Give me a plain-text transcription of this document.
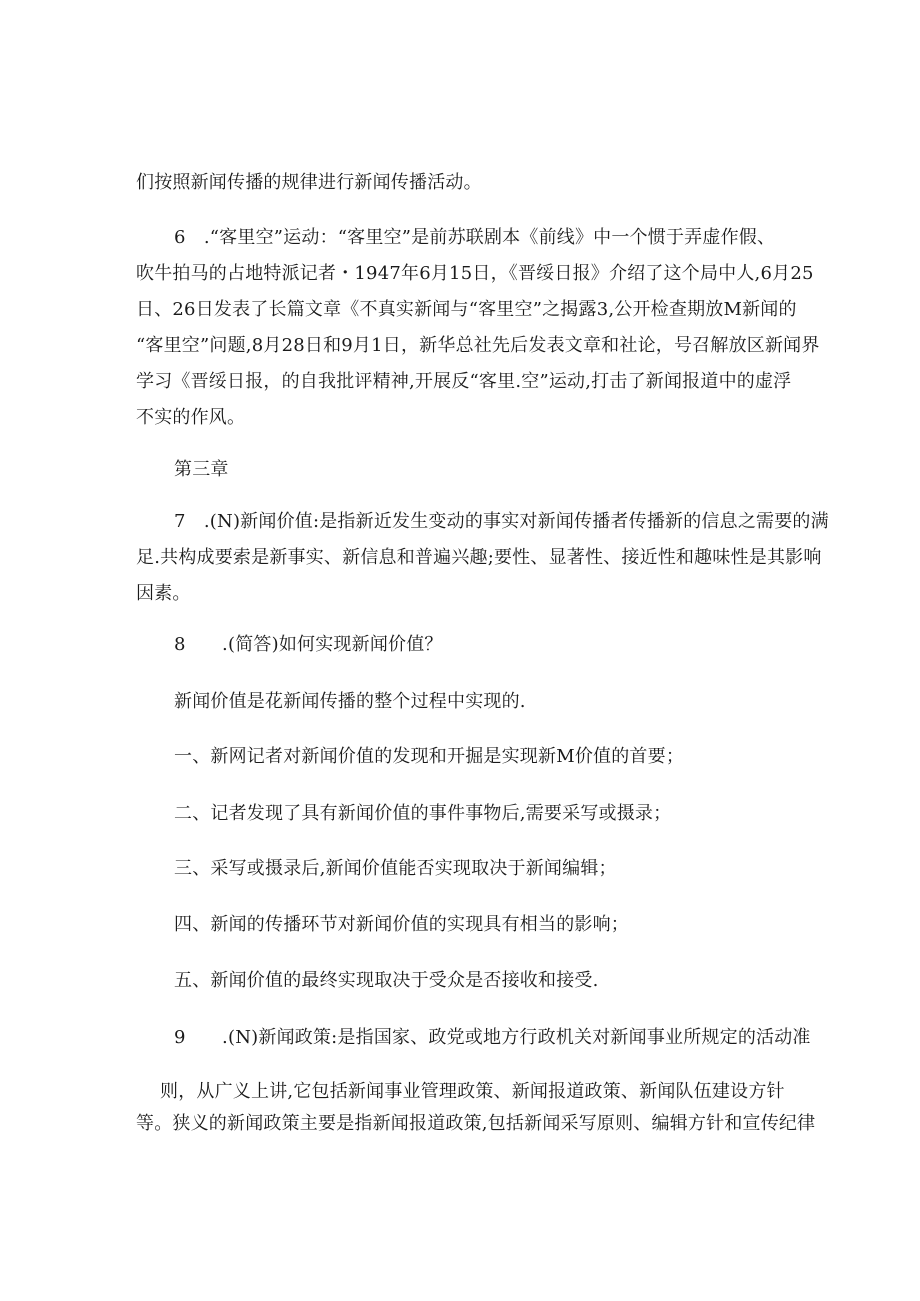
们按照新闻传播的规律进行新闻传播活动。
6　.“客里空”运动：“客里空”是前苏联剧本《前线》中一个惯于弄虚作假、
吹牛拍马的占地特派记者・1947年6月15日，《晋绥日报》介绍了这个局中人,6月25
日、26日发表了长篇文章《不真实新闻与“客里空”之揭露3,公开检查期放M新闻的
“客里空”问题,8月28日和9月1日，新华总社先后发表文章和社论，号召解放区新闻界
学习《晋绥日报，的自我批评精神,开展反“客里.空”运动,打击了新闻报道中的虚浮
不实的作风。
第三章
7　.(N)新闻价值:是指新近发生变动的事实对新闻传播者传播新的信息之需要的满
足.共构成要索是新事实、新信息和普遍兴趣;要性、显著性、接近性和趣味性是其影响
因素。
8　　.(简答)如何实现新闻价值？
新闻价值是花新闻传播的整个过程中实现的.
一、新网记者对新闻价值的发现和开掘是实现新M价值的首要；
二、记者发现了具有新闻价值的事件事物后,需要采写或摄录；
三、采写或摄录后,新闻价值能否实现取决于新闻编辑；
四、新闻的传播环节对新闻价值的实现具有相当的影响；
五、新闻价值的最终实现取决于受众是否接收和接受.
9　　.(N)新闻政策:是指国家、政党或地方行政机关对新闻事业所规定的活动准
则，从广义上讲,它包括新闻事业管理政策、新闻报道政策、新闻队伍建设方针
等。狭义的新闻政策主要是指新闻报道政策,包括新闻采写原则、编辑方针和宣传纪律
